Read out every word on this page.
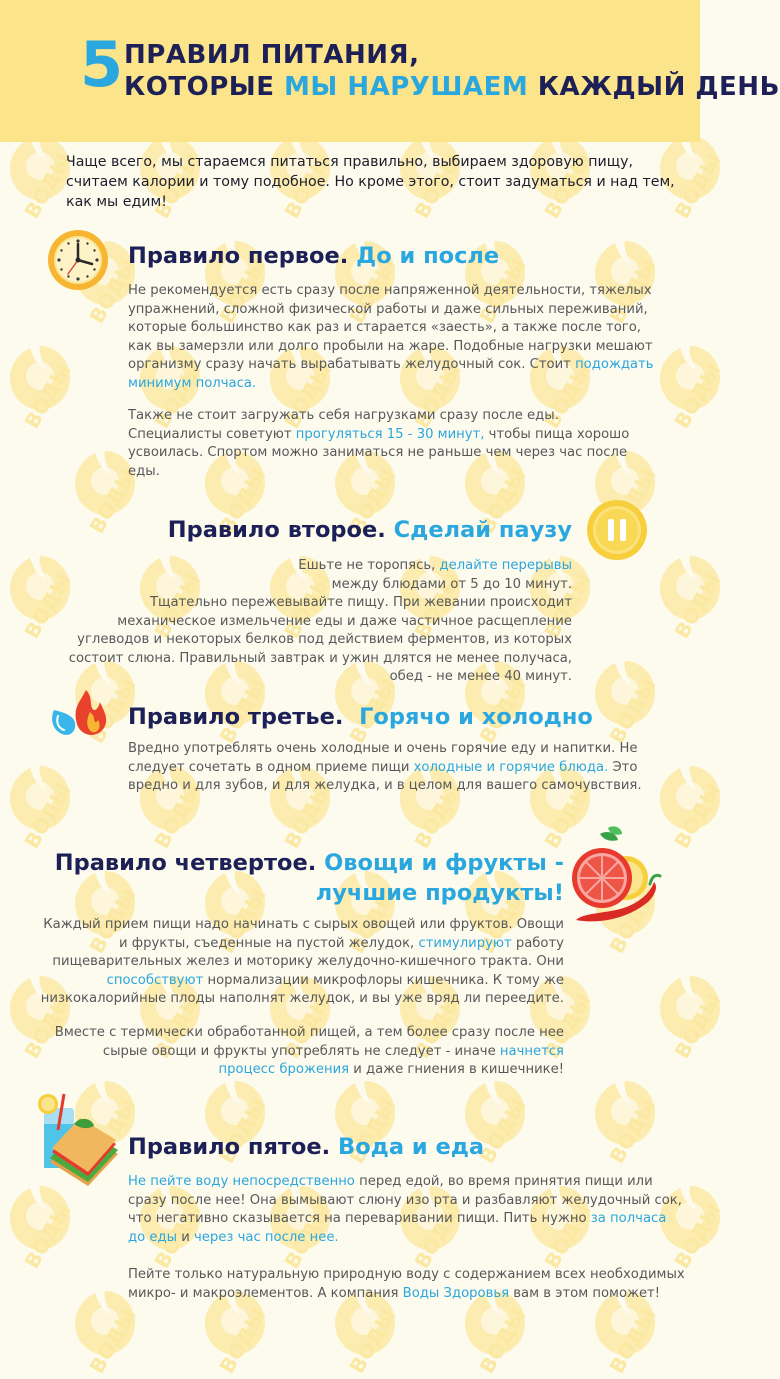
5 ПРАВИЛ ПИТАНИЯ,
КОТОРЫЕ МЫ НАРУШАЕМ КАЖДЫЙ ДЕНЬ
Чаще всего, мы стараемся питаться правильно, выбираем здоровую пищу, считаем калории и тому подобное. Но кроме этого, стоит задуматься и над тем, как мы едим!
Правило первое. До и после
Не рекомендуется есть сразу после напряженной деятельности, тяжелых упражнений, сложной физической работы и даже сильных переживаний, которые большинство как раз и старается «заесть», а также после того, как вы замерзли или долго пробыли на жаре. Подобные нагрузки мешают организму сразу начать вырабатывать желудочный сок. Стоит подождать минимум полчаса.
Также не стоит загружать себя нагрузками сразу после еды. Специалисты советуют прогуляться 15 - 30 минут, чтобы пища хорошо усвоилась. Спортом можно заниматься не раньше чем через час после еды.
Правило второе. Сделай паузу
Ешьте не торопясь, делайте перерывы между блюдами от 5 до 10 минут.
Тщательно пережевывайте пищу. При жевании происходит механическое измельчение еды и даже частичное расщепление углеводов и некоторых белков под действием ферментов, из которых состоит слюна. Правильный завтрак и ужин длятся не менее получаса, обед - не менее 40 минут.
Правило третье. Горячо и холодно
Вредно употреблять очень холодные и очень горячие еду и напитки. Не следует сочетать в одном приеме пищи холодные и горячие блюда. Это вредно и для зубов, и для желудка, и в целом для вашего самочувствия.
Правило четвертое. Овощи и фрукты -
лучшие продукты!
Каждый прием пищи надо начинать с сырых овощей или фруктов. Овощи и фрукты, съеденные на пустой желудок, стимулируют работу пищеварительных желез и моторику желудочно-кишечного тракта. Они способствуют нормализации микрофлоры кишечника. К тому же низкокалорийные плоды наполнят желудок, и вы уже вряд ли переедите.
Вместе с термически обработанной пищей, а тем более сразу после нее сырые овощи и фрукты употреблять не следует - иначе начнется процесс брожения и даже гниения в кишечнике!
Правило пятое. Вода и еда
Не пейте воду непосредственно перед едой, во время принятия пищи или сразу после нее! Она вымывают слюну изо рта и разбавляют желудочный сок, что негативно сказывается на переваривании пищи. Пить нужно за полчаса до еды и через час после нее.
Пейте только натуральную природную воду с содержанием всех необходимых микро- и макроэлементов. А компания Воды Здоровья вам в этом поможет!
